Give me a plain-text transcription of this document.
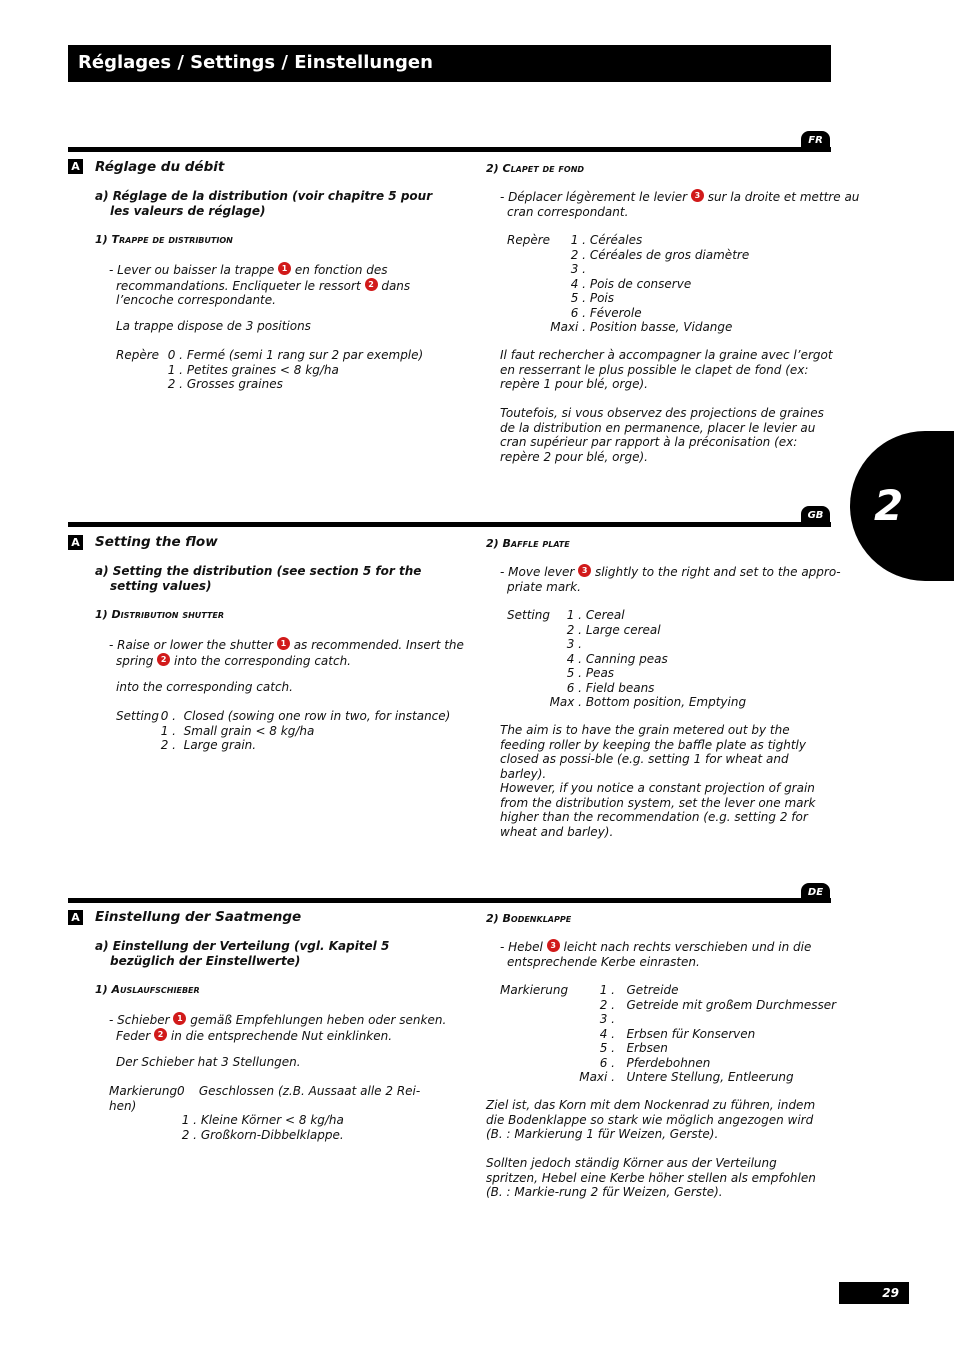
Réglages / Settings / Einstellungen
2
FR
A Réglage du débit
a) Réglage de la distribution (voir chapitre 5 pour les valeurs de réglage)
1) Trappe de distribution
- Lever ou baisser la trappe 1 en fonction des
recommandations. Encliqueter le ressort 2 dans
l’encoche correspondante.
La trappe dispose de 3 positions
Repère 0 . Fermé (semi 1 rang sur 2 par exemple)
1 . Petites graines < 8 kg/ha
2 . Grosses graines
2) Clapet de fond
- Déplacer légèrement le levier 3 sur la droite et mettre au
cran correspondant.
Repère 1 . Céréales
2 . Céréales de gros diamètre
3 .
4 . Pois de conserve
5 . Pois
6 . Féverole
Maxi . Position basse, Vidange
Il faut rechercher à accompagner la graine avec l’ergot en resserrant le plus possible le clapet de fond (ex: repère 1 pour blé, orge).
Toutefois, si vous observez des projections de graines de la distribution en permanence, placer le levier au cran supérieur par rapport à la préconisation (ex: repère 2 pour blé, orge).
GB
A Setting the flow
a) Setting the distribution (see section 5 for the setting values)
1) Distribution shutter
- Raise or lower the shutter 1 as recommended. Insert the
spring 2 into the corresponding catch.
into the corresponding catch.
Setting 0 . Closed (sowing one row in two, for instance)
1 . Small grain < 8 kg/ha
2 . Large grain.
2) Baffle plate
- Move lever 3 slightly to the right and set to the appro-
priate mark.
Setting 1 . Cereal
2 . Large cereal
3 .
4 . Canning peas
5 . Peas
6 . Field beans
Max . Bottom position, Emptying
The aim is to have the grain metered out by the feeding roller by keeping the baffle plate as tightly closed as possi-ble (e.g. setting 1 for wheat and barley).
However, if you notice a constant projection of grain from the distribution system, set the lever one mark higher than the recommendation (e.g. setting 2 for wheat and barley).
DE
A Einstellung der Saatmenge
a) Einstellung der Verteilung (vgl. Kapitel 5 bezüglich der Einstellwerte)
1) Auslaufschieber
- Schieber 1 gemäß Empfehlungen heben oder senken.
Feder 2 in die entsprechende Nut einklinken.
Der Schieber hat 3 Stellungen.
Markierung0 Geschlossen (z.B. Aussaat alle 2 Rei-
hen)
1 . Kleine Körner < 8 kg/ha
2 . Großkorn-Dibbelklappe.
2) Bodenklappe
- Hebel 3 leicht nach rechts verschieben und in die
entsprechende Kerbe einrasten.
Markierung	1 . Getreide
2 . Getreide mit großem Durchmesser
3 .
4 . Erbsen für Konserven
5 . Erbsen
6 . Pferdebohnen
Maxi . Untere Stellung, Entleerung
Ziel ist, das Korn mit dem Nockenrad zu führen, indem die Bodenklappe so stark wie möglich angezogen wird (B. : Markierung 1 für Weizen, Gerste).
Sollten jedoch ständig Körner aus der Verteilung spritzen, Hebel eine Kerbe höher stellen als empfohlen (B. : Markie-rung 2 für Weizen, Gerste).
29
